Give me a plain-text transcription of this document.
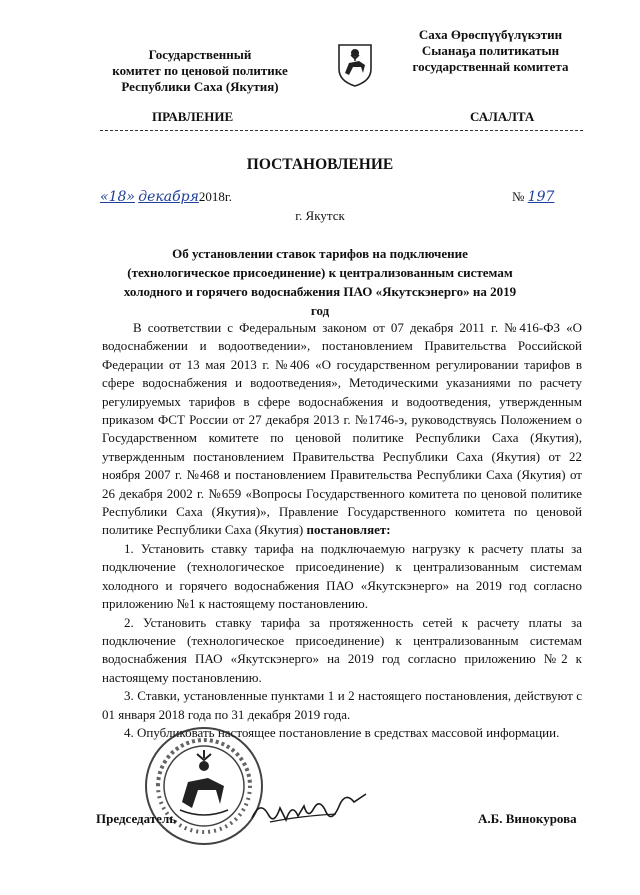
Государственный
комитет по ценовой политике
Республики Саха (Якутия)
Саха Өрөспүүбүлүкэтин
Сыанаҕа политикатын
государственнай комитета
ПРАВЛЕНИЕ	САЛАЛТА
ПОСТАНОВЛЕНИЕ
«18» декабря2018г.	№ 197
г. Якутск
Об установлении ставок тарифов на подключение (технологическое присоединение) к централизованным системам холодного и горячего водоснабжения ПАО «Якутскэнерго» на 2019 год

В соответствии с Федеральным законом от 07 декабря 2011 г. №416-ФЗ «О водоснабжении и водоотведении», постановлением Правительства Российской Федерации от 13 мая 2013 г. №406 «О государственном регулировании тарифов в сфере водоснабжения и водоотведения», Методическими указаниями по расчету регулируемых тарифов в сфере водоснабжения и водоотведения, утвержденным приказом ФСТ России от 27 декабря 2013 г. №1746-э, руководствуясь Положением о Государственном комитете по ценовой политике Республики Саха (Якутия), утвержденным постановлением Правительства Республики Саха (Якутия) от 22 ноября 2007 г. №468 и постановлением Правительства Республики Саха (Якутия) от 26 декабря 2002 г. №659 «Вопросы Государственного комитета по ценовой политике Республики Саха (Якутия)», Правление Государственного комитета по ценовой политике Республики Саха (Якутия) постановляет:

1. Установить ставку тарифа на подключаемую нагрузку к расчету платы за подключение (технологическое присоединение) к централизованным системам холодного и горячего водоснабжения ПАО «Якутскэнерго» на 2019 год согласно приложению №1 к настоящему постановлению.

2. Установить ставку тарифа за протяженность сетей к расчету платы за подключение (технологическое присоединение) к централизованным системам водоснабжения ПАО «Якутскэнерго» на 2019 год согласно приложению №2 к настоящему постановлению.

3. Ставки, установленные пунктами 1 и 2 настоящего постановления, действуют с 01 января 2018 года по 31 декабря 2019 года.

4. Опубликовать настоящее постановление в средствах массовой информации.

Председатель	А.Б. Винокурова
